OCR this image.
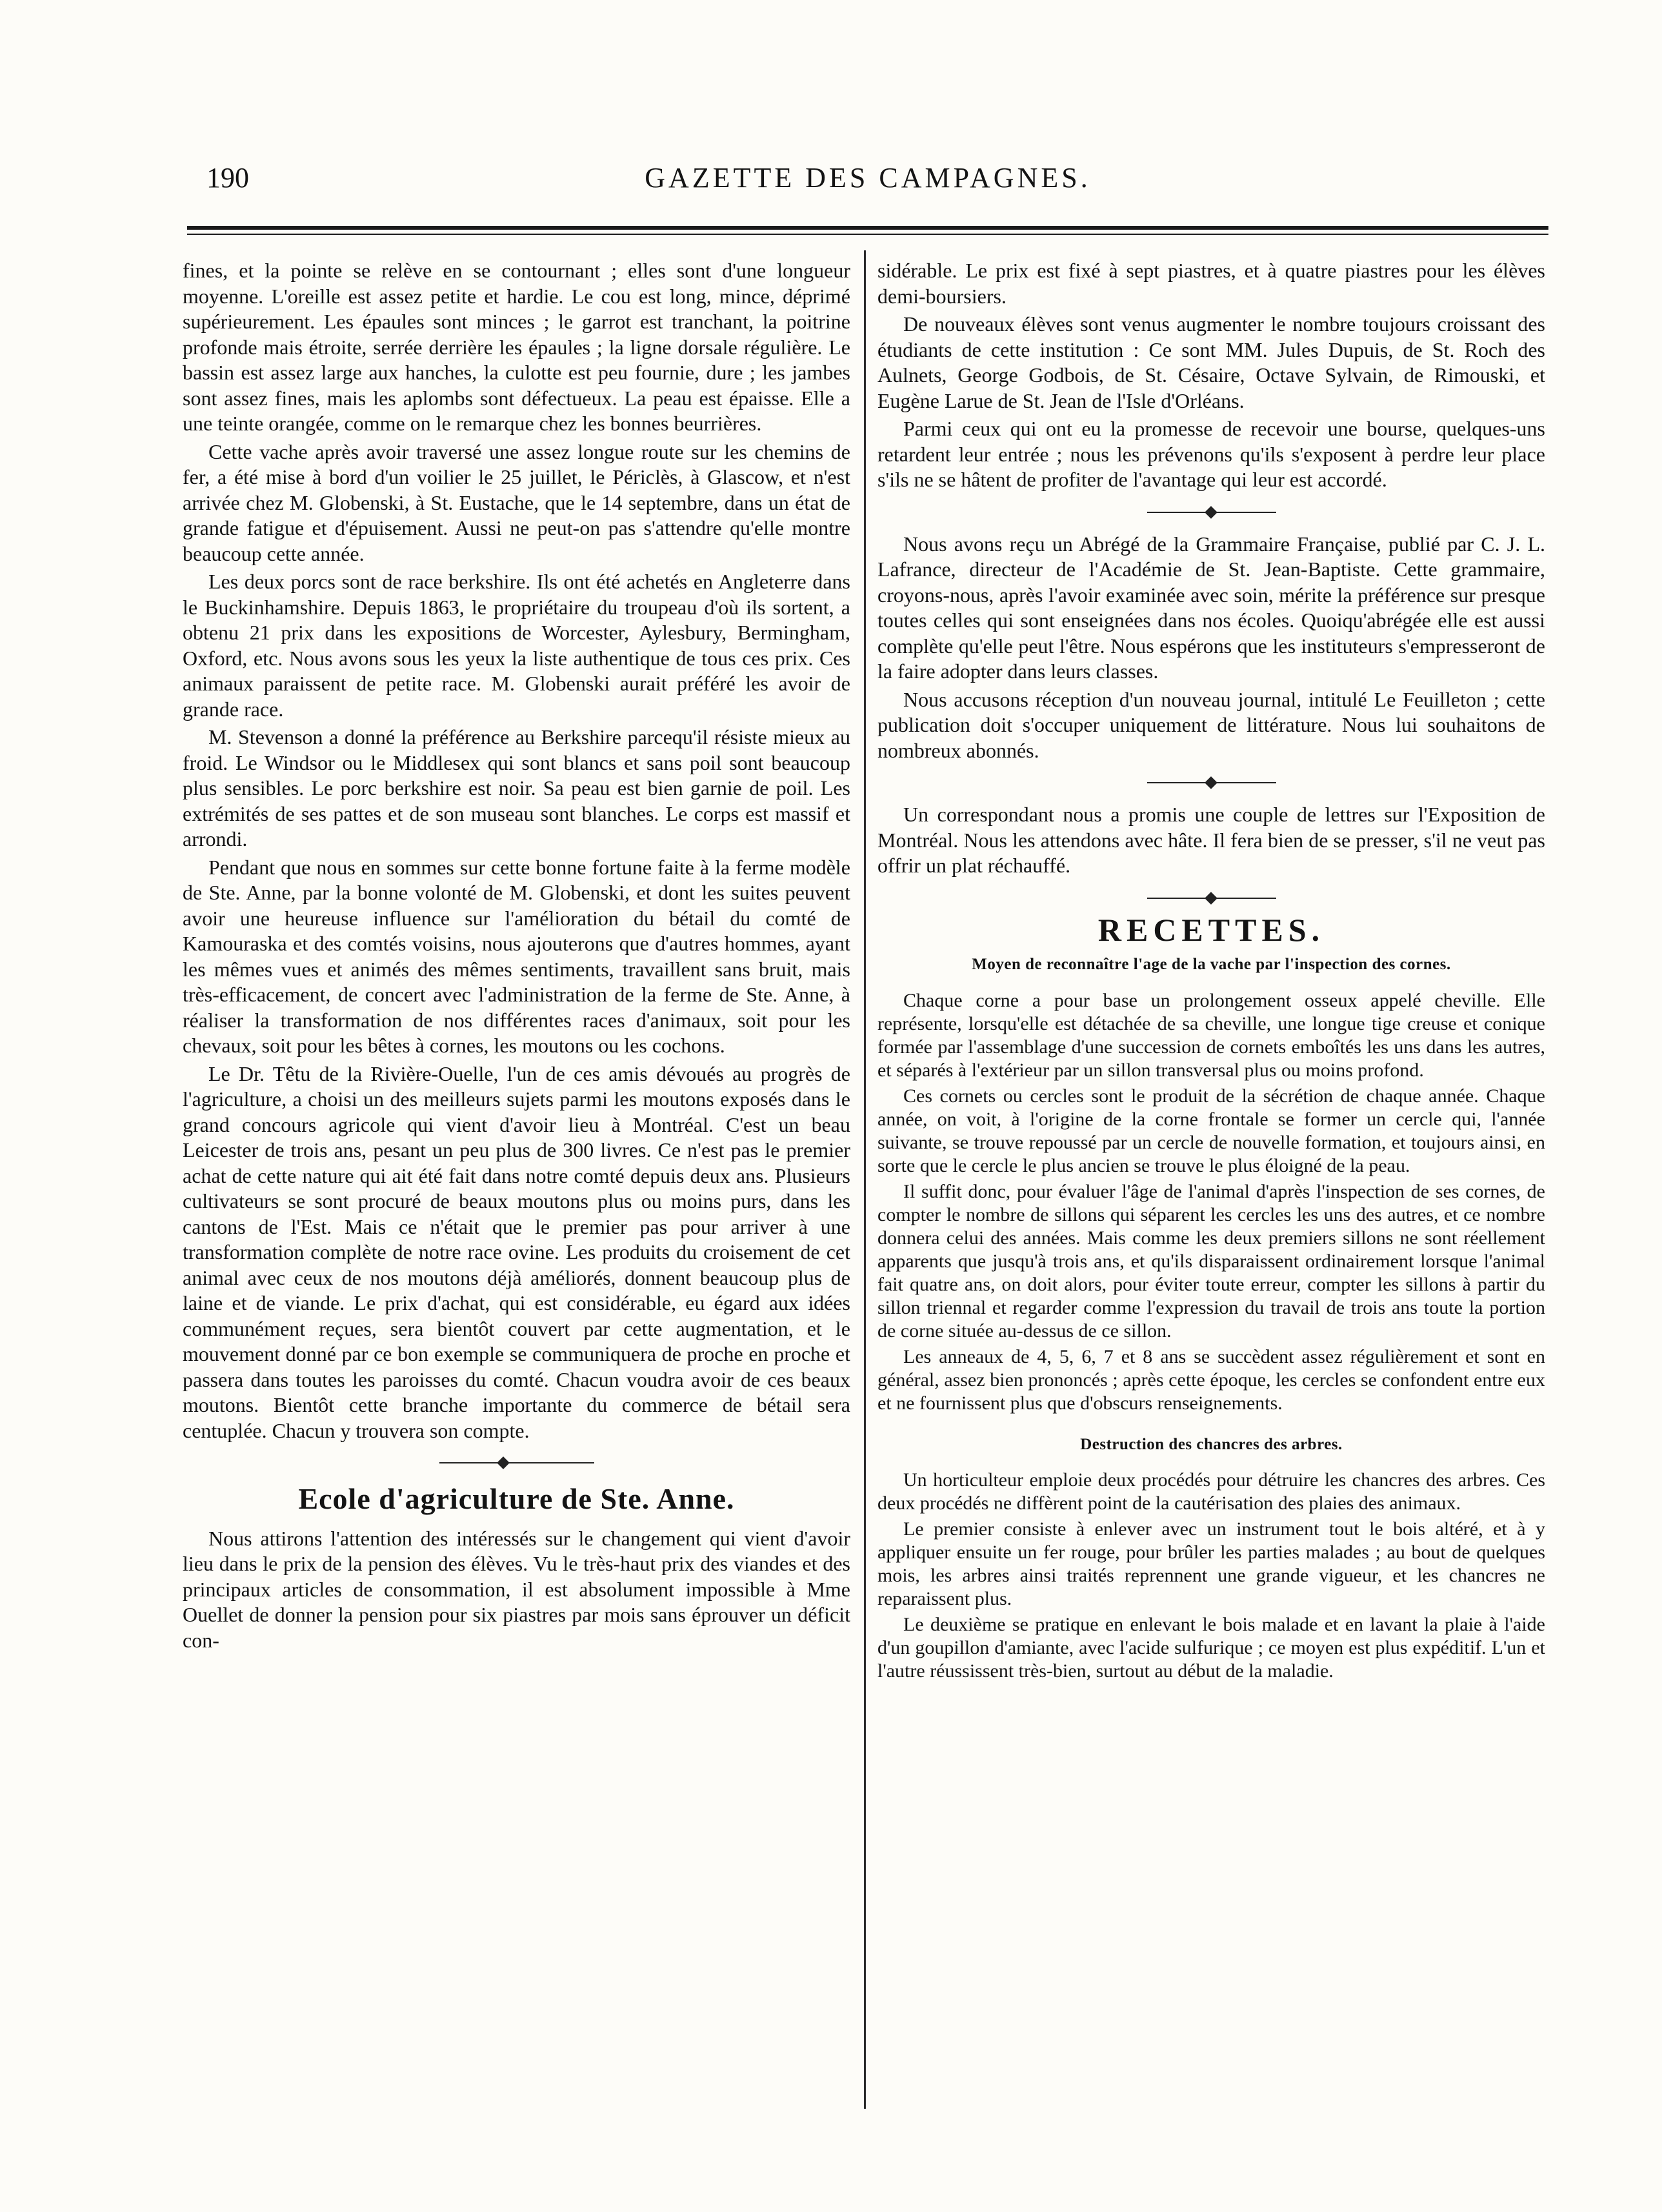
190	GAZETTE DES CAMPAGNES.

fines, et la pointe se relève en se contournant ; elles sont d'une longueur moyenne. L'oreille est assez petite et hardie. Le cou est long, mince, déprimé supérieurement. Les épaules sont minces ; le garrot est tranchant, la poitrine profonde mais étroite, serrée derrière les épaules ; la ligne dorsale régulière. Le bassin est assez large aux hanches, la culotte est peu fournie, dure ; les jambes sont assez fines, mais les aplombs sont défectueux. La peau est épaisse. Elle a une teinte orangée, comme on le remarque chez les bonnes beurrières.

Cette vache après avoir traversé une assez longue route sur les chemins de fer, a été mise à bord d'un voilier le 25 juillet, le Périclès, à Glascow, et n'est arrivée chez M. Globenski, à St. Eustache, que le 14 septembre, dans un état de grande fatigue et d'épuisement. Aussi ne peut-on pas s'attendre qu'elle montre beaucoup cette année.

Les deux porcs sont de race berkshire. Ils ont été achetés en Angleterre dans le Buckinhamshire. Depuis 1863, le propriétaire du troupeau d'où ils sortent, a obtenu 21 prix dans les expositions de Worcester, Aylesbury, Bermingham, Oxford, etc. Nous avons sous les yeux la liste authentique de tous ces prix. Ces animaux paraissent de petite race. M. Globenski aurait préféré les avoir de grande race.

M. Stevenson a donné la préférence au Berkshire parcequ'il résiste mieux au froid. Le Windsor ou le Middlesex qui sont blancs et sans poil sont beaucoup plus sensibles. Le porc berkshire est noir. Sa peau est bien garnie de poil. Les extrémités de ses pattes et de son museau sont blanches. Le corps est massif et arrondi.

Pendant que nous en sommes sur cette bonne fortune faite à la ferme modèle de Ste. Anne, par la bonne volonté de M. Globenski, et dont les suites peuvent avoir une heureuse influence sur l'amélioration du bétail du comté de Kamouraska et des comtés voisins, nous ajouterons que d'autres hommes, ayant les mêmes vues et animés des mêmes sentiments, travaillent sans bruit, mais très-efficacement, de concert avec l'administration de la ferme de Ste. Anne, à réaliser la transformation de nos différentes races d'animaux, soit pour les chevaux, soit pour les bêtes à cornes, les moutons ou les cochons.

Le Dr. Têtu de la Rivière-Ouelle, l'un de ces amis dévoués au progrès de l'agriculture, a choisi un des meilleurs sujets parmi les moutons exposés dans le grand concours agricole qui vient d'avoir lieu à Montréal. C'est un beau Leicester de trois ans, pesant un peu plus de 300 livres. Ce n'est pas le premier achat de cette nature qui ait été fait dans notre comté depuis deux ans. Plusieurs cultivateurs se sont procuré de beaux moutons plus ou moins purs, dans les cantons de l'Est. Mais ce n'était que le premier pas pour arriver à une transformation complète de notre race ovine. Les produits du croisement de cet animal avec ceux de nos moutons déjà améliorés, donnent beaucoup plus de laine et de viande. Le prix d'achat, qui est considérable, eu égard aux idées communément reçues, sera bientôt couvert par cette augmentation, et le mouvement donné par ce bon exemple se communiquera de proche en proche et passera dans toutes les paroisses du comté. Chacun voudra avoir de ces beaux moutons. Bientôt cette branche importante du commerce de bétail sera centuplée. Chacun y trouvera son compte.

Ecole d'agriculture de Ste. Anne.

Nous attirons l'attention des intéressés sur le changement qui vient d'avoir lieu dans le prix de la pension des élèves. Vu le très-haut prix des viandes et des principaux articles de consommation, il est absolument impossible à Mme Ouellet de donner la pension pour six piastres par mois sans éprouver un déficit con-

sidérable. Le prix est fixé à sept piastres, et à quatre piastres pour les élèves demi-boursiers.

De nouveaux élèves sont venus augmenter le nombre toujours croissant des étudiants de cette institution : Ce sont MM. Jules Dupuis, de St. Roch des Aulnets, George Godbois, de St. Césaire, Octave Sylvain, de Rimouski, et Eugène Larue de St. Jean de l'Isle d'Orléans.

Parmi ceux qui ont eu la promesse de recevoir une bourse, quelques-uns retardent leur entrée ; nous les prévenons qu'ils s'exposent à perdre leur place s'ils ne se hâtent de profiter de l'avantage qui leur est accordé.

Nous avons reçu un Abrégé de la Grammaire Française, publié par C. J. L. Lafrance, directeur de l'Académie de St. Jean-Baptiste. Cette grammaire, croyons-nous, après l'avoir examinée avec soin, mérite la préférence sur presque toutes celles qui sont enseignées dans nos écoles. Quoiqu'abrégée elle est aussi complète qu'elle peut l'être. Nous espérons que les instituteurs s'empresseront de la faire adopter dans leurs classes.

Nous accusons réception d'un nouveau journal, intitulé Le Feuilleton ; cette publication doit s'occuper uniquement de littérature. Nous lui souhaitons de nombreux abonnés.

Un correspondant nous a promis une couple de lettres sur l'Exposition de Montréal. Nous les attendons avec hâte. Il fera bien de se presser, s'il ne veut pas offrir un plat réchauffé.

RECETTES.
Moyen de reconnaître l'age de la vache par l'inspection des cornes.

Chaque corne a pour base un prolongement osseux appelé cheville. Elle représente, lorsqu'elle est détachée de sa cheville, une longue tige creuse et conique formée par l'assemblage d'une succession de cornets emboîtés les uns dans les autres, et séparés à l'extérieur par un sillon transversal plus ou moins profond.

Ces cornets ou cercles sont le produit de la sécrétion de chaque année. Chaque année, on voit, à l'origine de la corne frontale se former un cercle qui, l'année suivante, se trouve repoussé par un cercle de nouvelle formation, et toujours ainsi, en sorte que le cercle le plus ancien se trouve le plus éloigné de la peau.

Il suffit donc, pour évaluer l'âge de l'animal d'après l'inspection de ses cornes, de compter le nombre de sillons qui séparent les cercles les uns des autres, et ce nombre donnera celui des années. Mais comme les deux premiers sillons ne sont réellement apparents que jusqu'à trois ans, et qu'ils disparaissent ordinairement lorsque l'animal fait quatre ans, on doit alors, pour éviter toute erreur, compter les sillons à partir du sillon triennal et regarder comme l'expression du travail de trois ans toute la portion de corne située au-dessus de ce sillon.

Les anneaux de 4, 5, 6, 7 et 8 ans se succèdent assez régulièrement et sont en général, assez bien prononcés ; après cette époque, les cercles se confondent entre eux et ne fournissent plus que d'obscurs renseignements.

Destruction des chancres des arbres.

Un horticulteur emploie deux procédés pour détruire les chancres des arbres. Ces deux procédés ne diffèrent point de la cautérisation des plaies des animaux.

Le premier consiste à enlever avec un instrument tout le bois altéré, et à y appliquer ensuite un fer rouge, pour brûler les parties malades ; au bout de quelques mois, les arbres ainsi traités reprennent une grande vigueur, et les chancres ne reparaissent plus.

Le deuxième se pratique en enlevant le bois malade et en lavant la plaie à l'aide d'un goupillon d'amiante, avec l'acide sulfurique ; ce moyen est plus expéditif. L'un et l'autre réussissent très-bien, surtout au début de la maladie.
